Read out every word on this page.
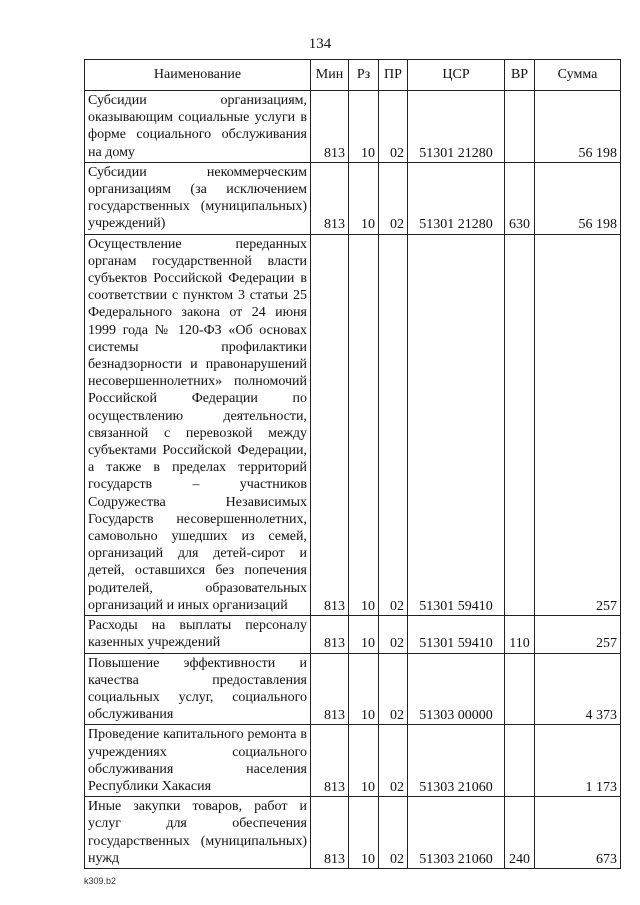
134
Наименование	Мин	Рз	ПР	ЦСР	ВР	Сумма
Субсидии организациям, оказывающим социальные услуги в форме социального обслуживания на дому	813	10	02	51301 21280		56 198
Субсидии некоммерческим организациям (за исключением государственных (муниципальных) учреждений)	813	10	02	51301 21280	630	56 198
Осуществление переданных органам государственной власти субъектов Российской Федерации в соответствии с пунктом 3 статьи 25 Федерального закона от 24 июня 1999 года № 120-ФЗ «Об основах системы профилактики безнадзорности и правонарушений несовершеннолетних» полномочий Российской Федерации по осуществлению деятельности, связанной с перевозкой между субъектами Российской Федерации, а также в пределах территорий государств – участников Содружества Независимых Государств несовершеннолетних, самовольно ушедших из семей, организаций для детей-сирот и детей, оставшихся без попечения родителей, образовательных организаций и иных организаций	813	10	02	51301 59410		257
Расходы на выплаты персоналу казенных учреждений	813	10	02	51301 59410	110	257
Повышение эффективности и качества предоставления социальных услуг, социального обслуживания	813	10	02	51303 00000		4 373
Проведение капитального ремонта в учреждениях социального обслуживания населения Республики Хакасия	813	10	02	51303 21060		1 173
Иные закупки товаров, работ и услуг для обеспечения государственных (муниципальных) нужд	813	10	02	51303 21060	240	673
k309.b2
